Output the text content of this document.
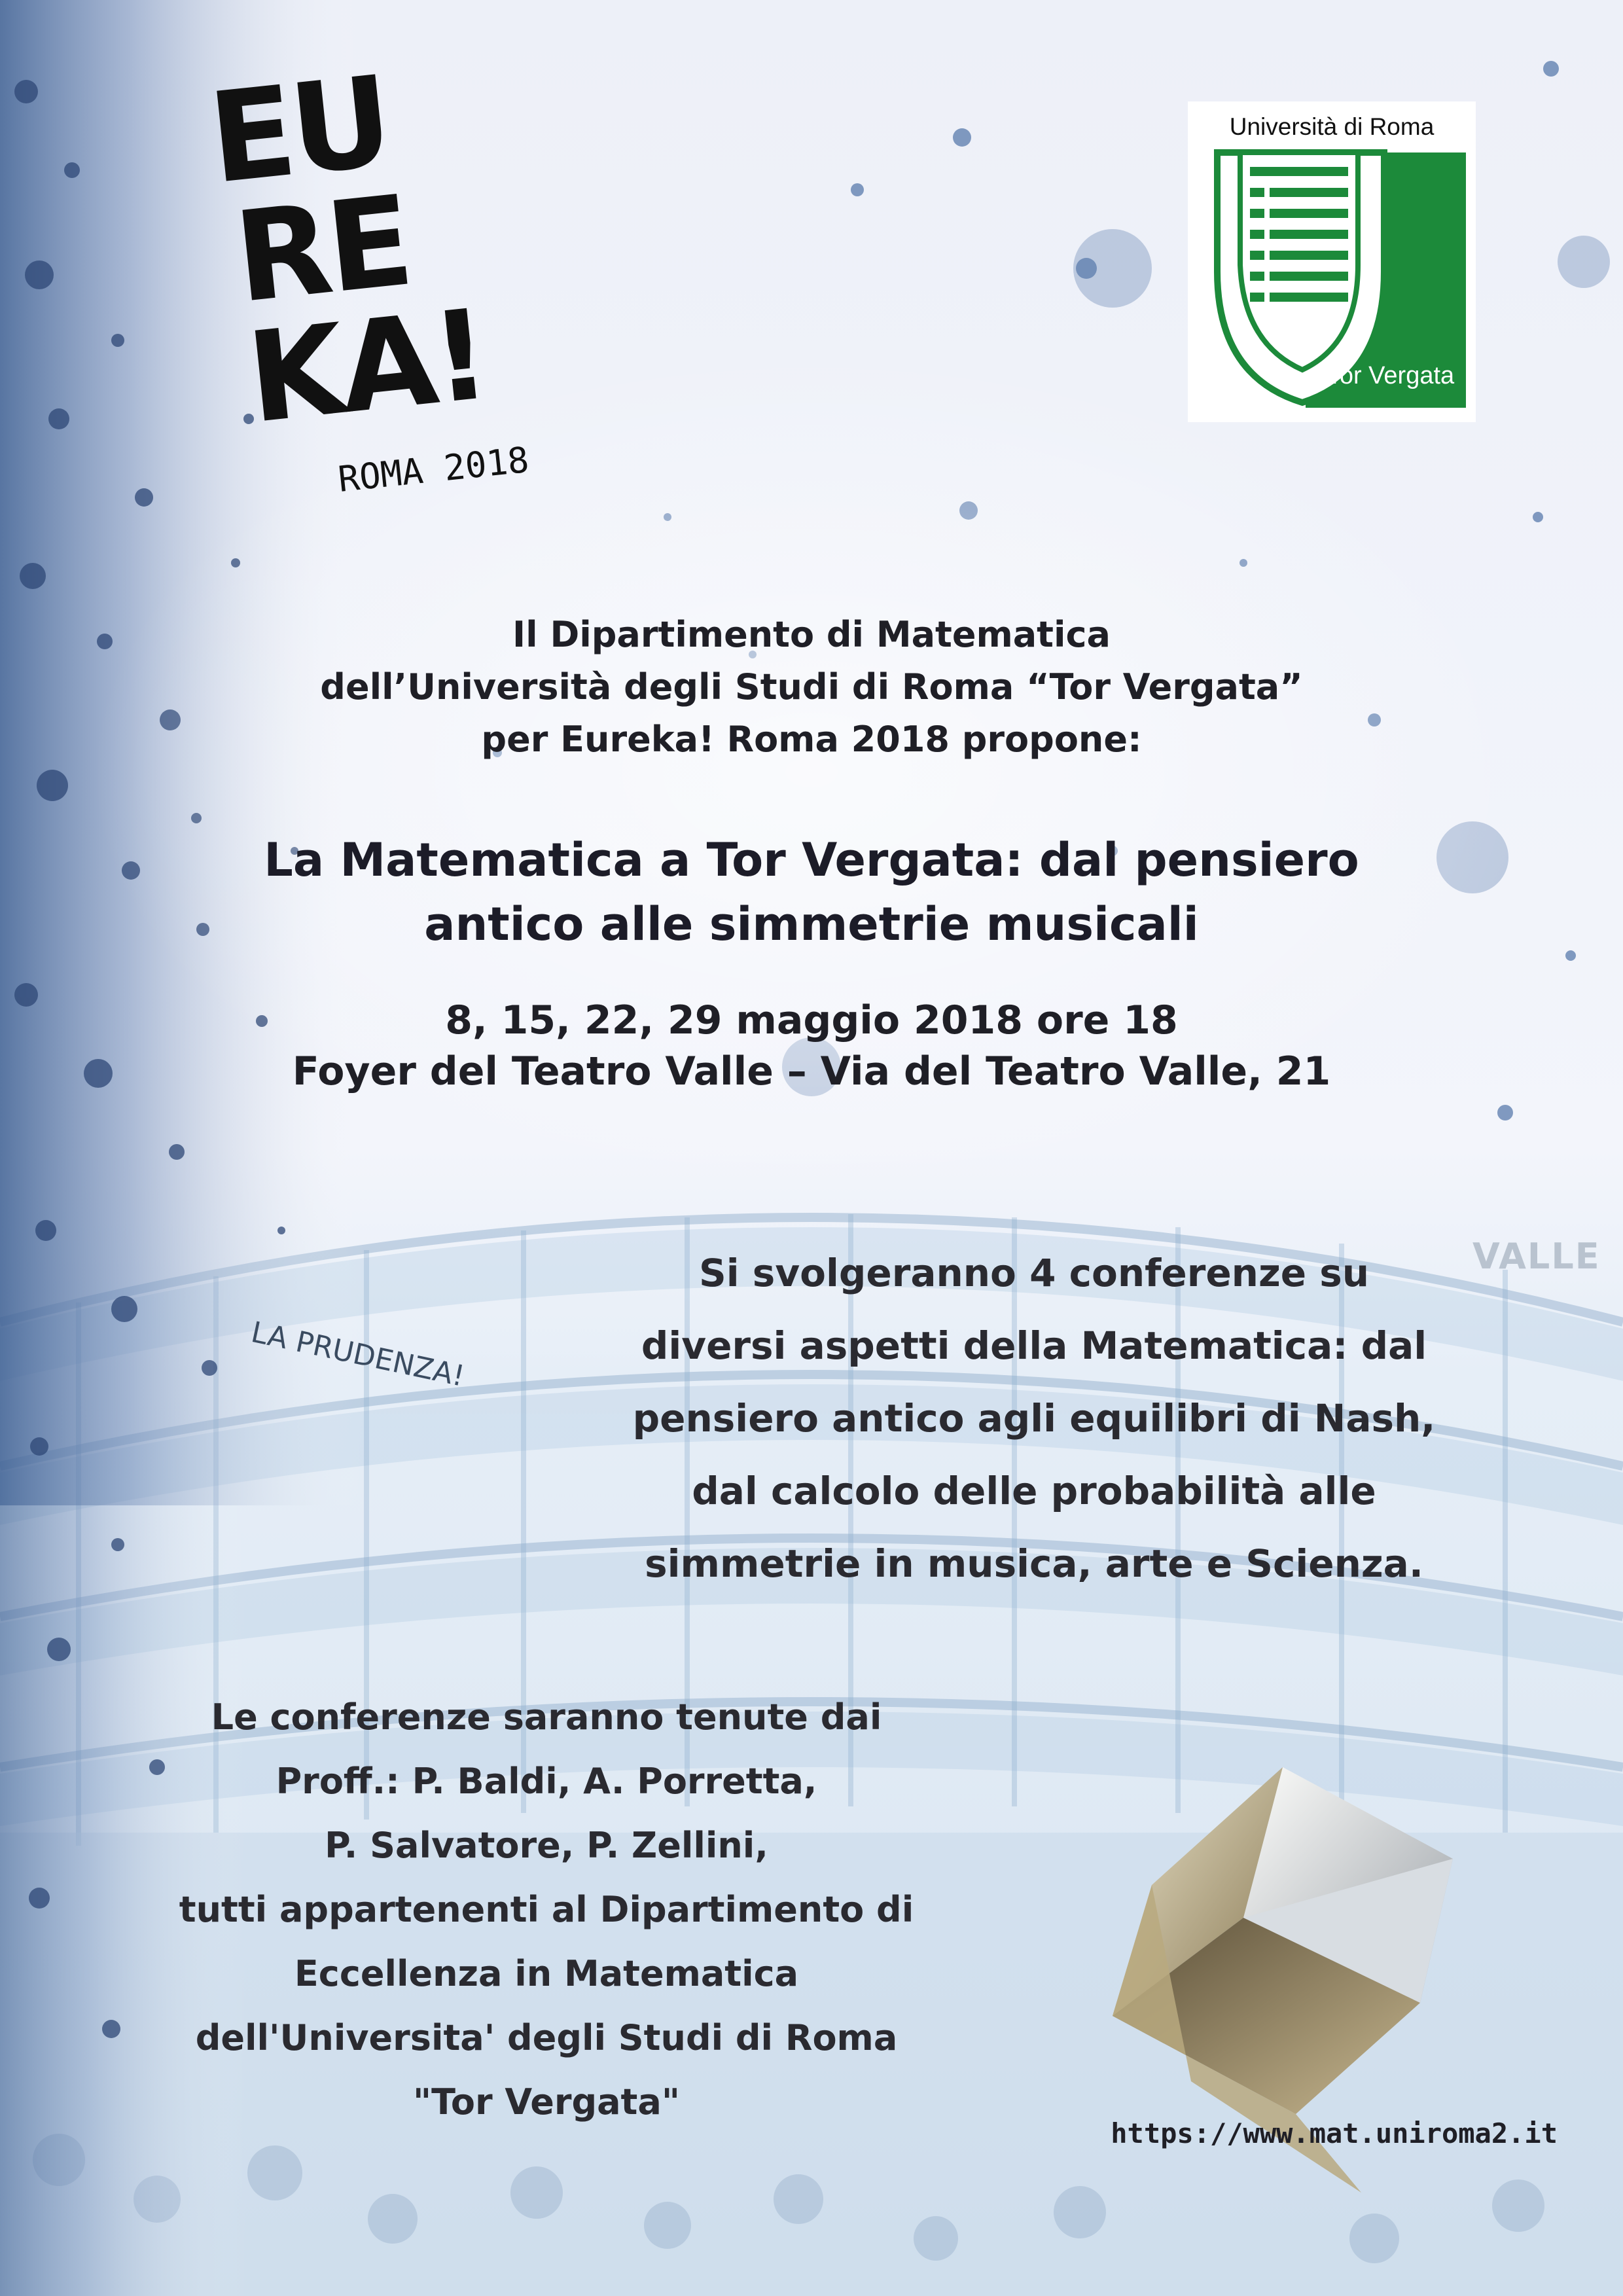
EU
RE
KA!
ROMA 2018
Università di Roma
Tor Vergata
VALLE
LA PRUDENZA!
Il Dipartimento di Matematica
dell’Università degli Studi di Roma “Tor Vergata”
per Eureka! Roma 2018 propone:
La Matematica a Tor Vergata: dal pensiero
antico alle simmetrie musicali
8, 15, 22, 29 maggio 2018 ore 18
Foyer del Teatro Valle – Via del Teatro Valle, 21
Si svolgeranno 4 conferenze su
diversi aspetti della Matematica: dal
pensiero antico agli equilibri di Nash,
dal calcolo delle probabilità alle
simmetrie in musica, arte e Scienza.
Le conferenze saranno tenute dai
Proff.: P. Baldi, A. Porretta,
P. Salvatore, P. Zellini,
tutti appartenenti al Dipartimento di
Eccellenza in Matematica
dell'Universita' degli Studi di Roma
"Tor Vergata"
https://www.mat.uniroma2.it
